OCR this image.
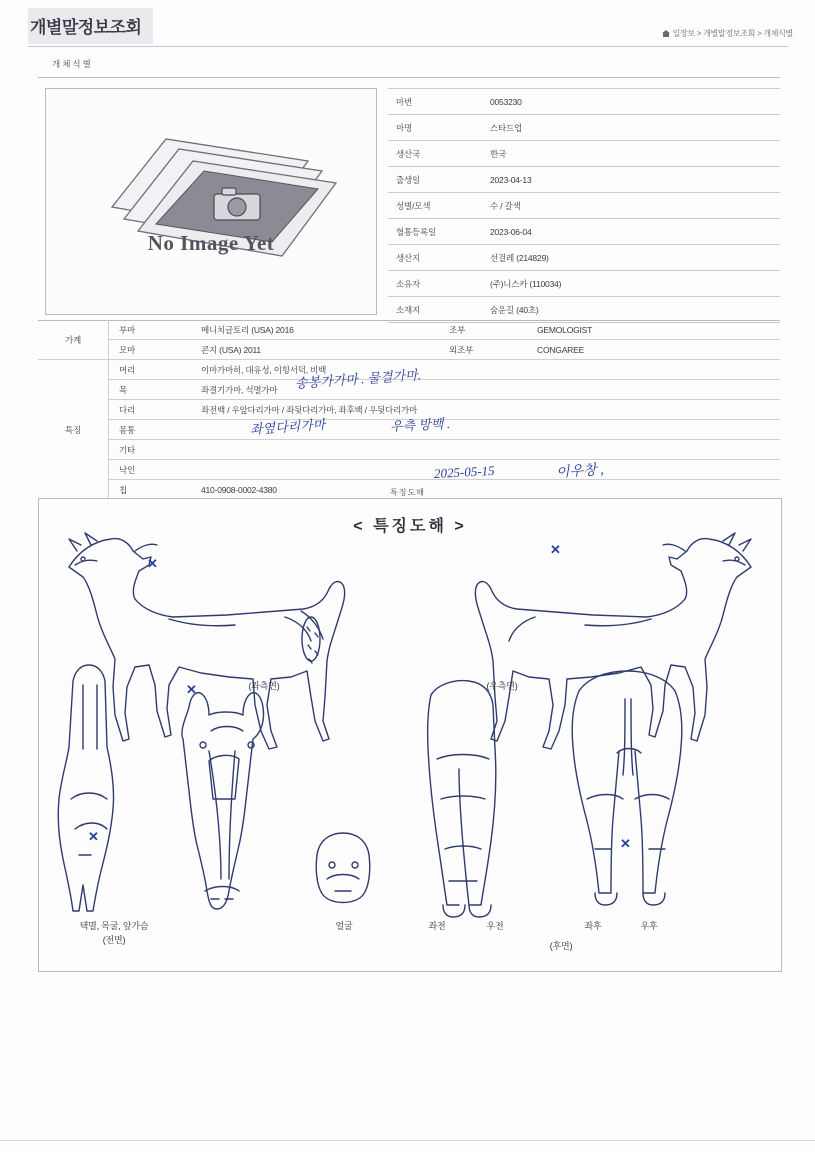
개별말정보조회	일장보 > 개별말정보조회 > 개체식별
개체식별
No Image Yet
마번	0053230
마명	스타드업
생산국	한국
출생일	2023-04-13
성별/모색	수 / 갈색
혈통등록일	2023-06-04
생산지	선걸레 (214829)
소유자	(주)니스카 (110034)
소재지	숨운길 (40초)
가계	부마	메니치글토리 (USA) 2016	조부	GEMOLOGIST
	모마	콘지 (USA) 2011	외조부	CONGAREE
특징	머리	이마가마히, 대유성, 이힝서덕, 비백		
	목	좌결기가마, 석멸가마		
	다리	좌전백 / 우앞다리가마 / 좌뒷다리가마, 좌후백 / 우뒷다리가마		
	몸통			
	기타			
	낙인			
	칩	410-0908-0002-4380		
송봉가가마 . 물결가마.
좌옆다리가마	우측 방백 .
2025-05-15	이우창 ,
특징도해
< 특징도해 >
(좌측면)	(우측면)
택멸, 목굴, 앞가슴
(전면)
얼굴	좌전	우전	좌후	우후
(후면)
✕
✕
✕
✕	✕
